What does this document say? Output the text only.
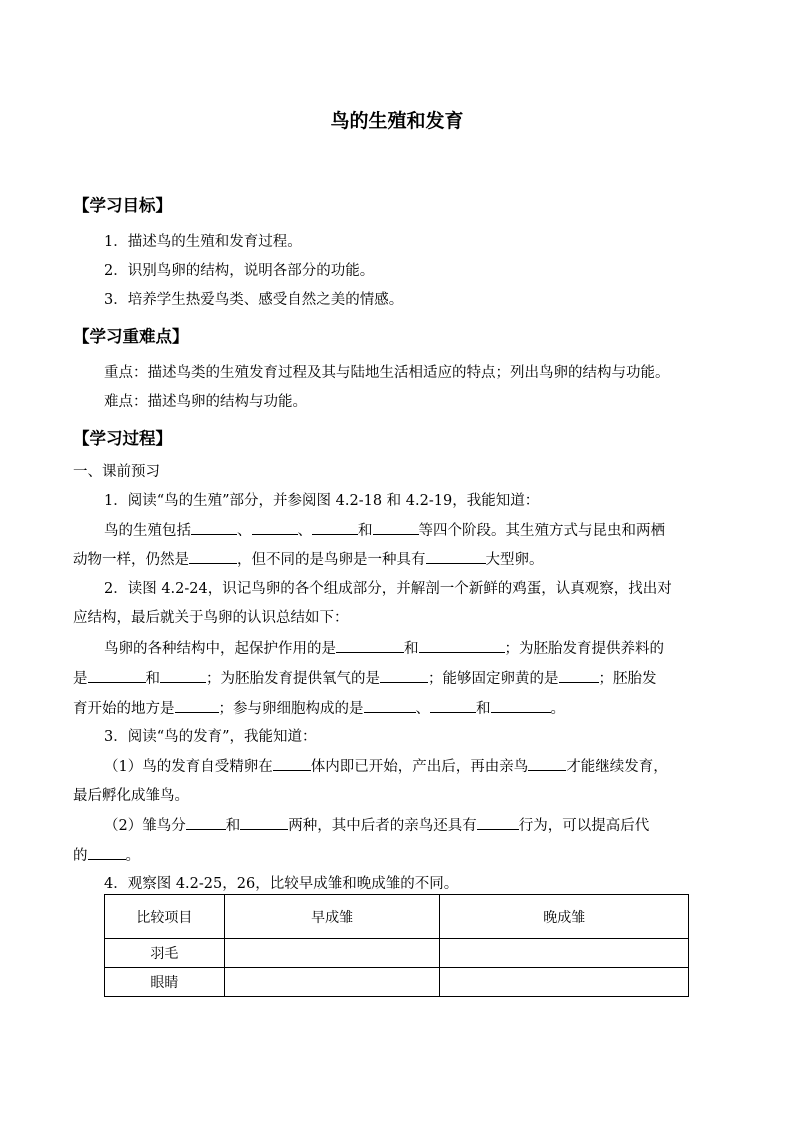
鸟的生殖和发育
【学习目标】
1．描述鸟的生殖和发育过程。
2．识别鸟卵的结构，说明各部分的功能。
3．培养学生热爱鸟类、感受自然之美的情感。
【学习重难点】
重点：描述鸟类的生殖发育过程及其与陆地生活相适应的特点；列出鸟卵的结构与功能。
难点：描述鸟卵的结构与功能。
【学习过程】
一、课前预习
1．阅读“鸟的生殖”部分，并参阅图 4.2-18 和 4.2-19，我能知道：
鸟的生殖包括	、	、	和	等四个阶段。其生殖方式与昆虫和两栖
动物一样，仍然是	，但不同的是鸟卵是一种具有	大型卵。
2．读图 4.2-24，识记鸟卵的各个组成部分，并解剖一个新鲜的鸡蛋，认真观察，找出对
应结构，最后就关于鸟卵的认识总结如下：
鸟卵的各种结构中，起保护作用的是	和	；为胚胎发育提供养料的
是	和	；为胚胎发育提供氧气的是	；能够固定卵黄的是	；胚胎发
育开始的地方是	；参与卵细胞构成的是	、	和	。
3．阅读“鸟的发育”，我能知道：
（1）鸟的发育自受精卵在	体内即已开始，产出后，再由亲鸟	才能继续发育，
最后孵化成雏鸟。
（2）雏鸟分	和	两种，其中后者的亲鸟还具有	行为，可以提高后代
的	。
4．观察图 4.2-25，26，比较早成雏和晚成雏的不同。
比较项目	早成雏	晚成雏
羽毛		
眼睛		
